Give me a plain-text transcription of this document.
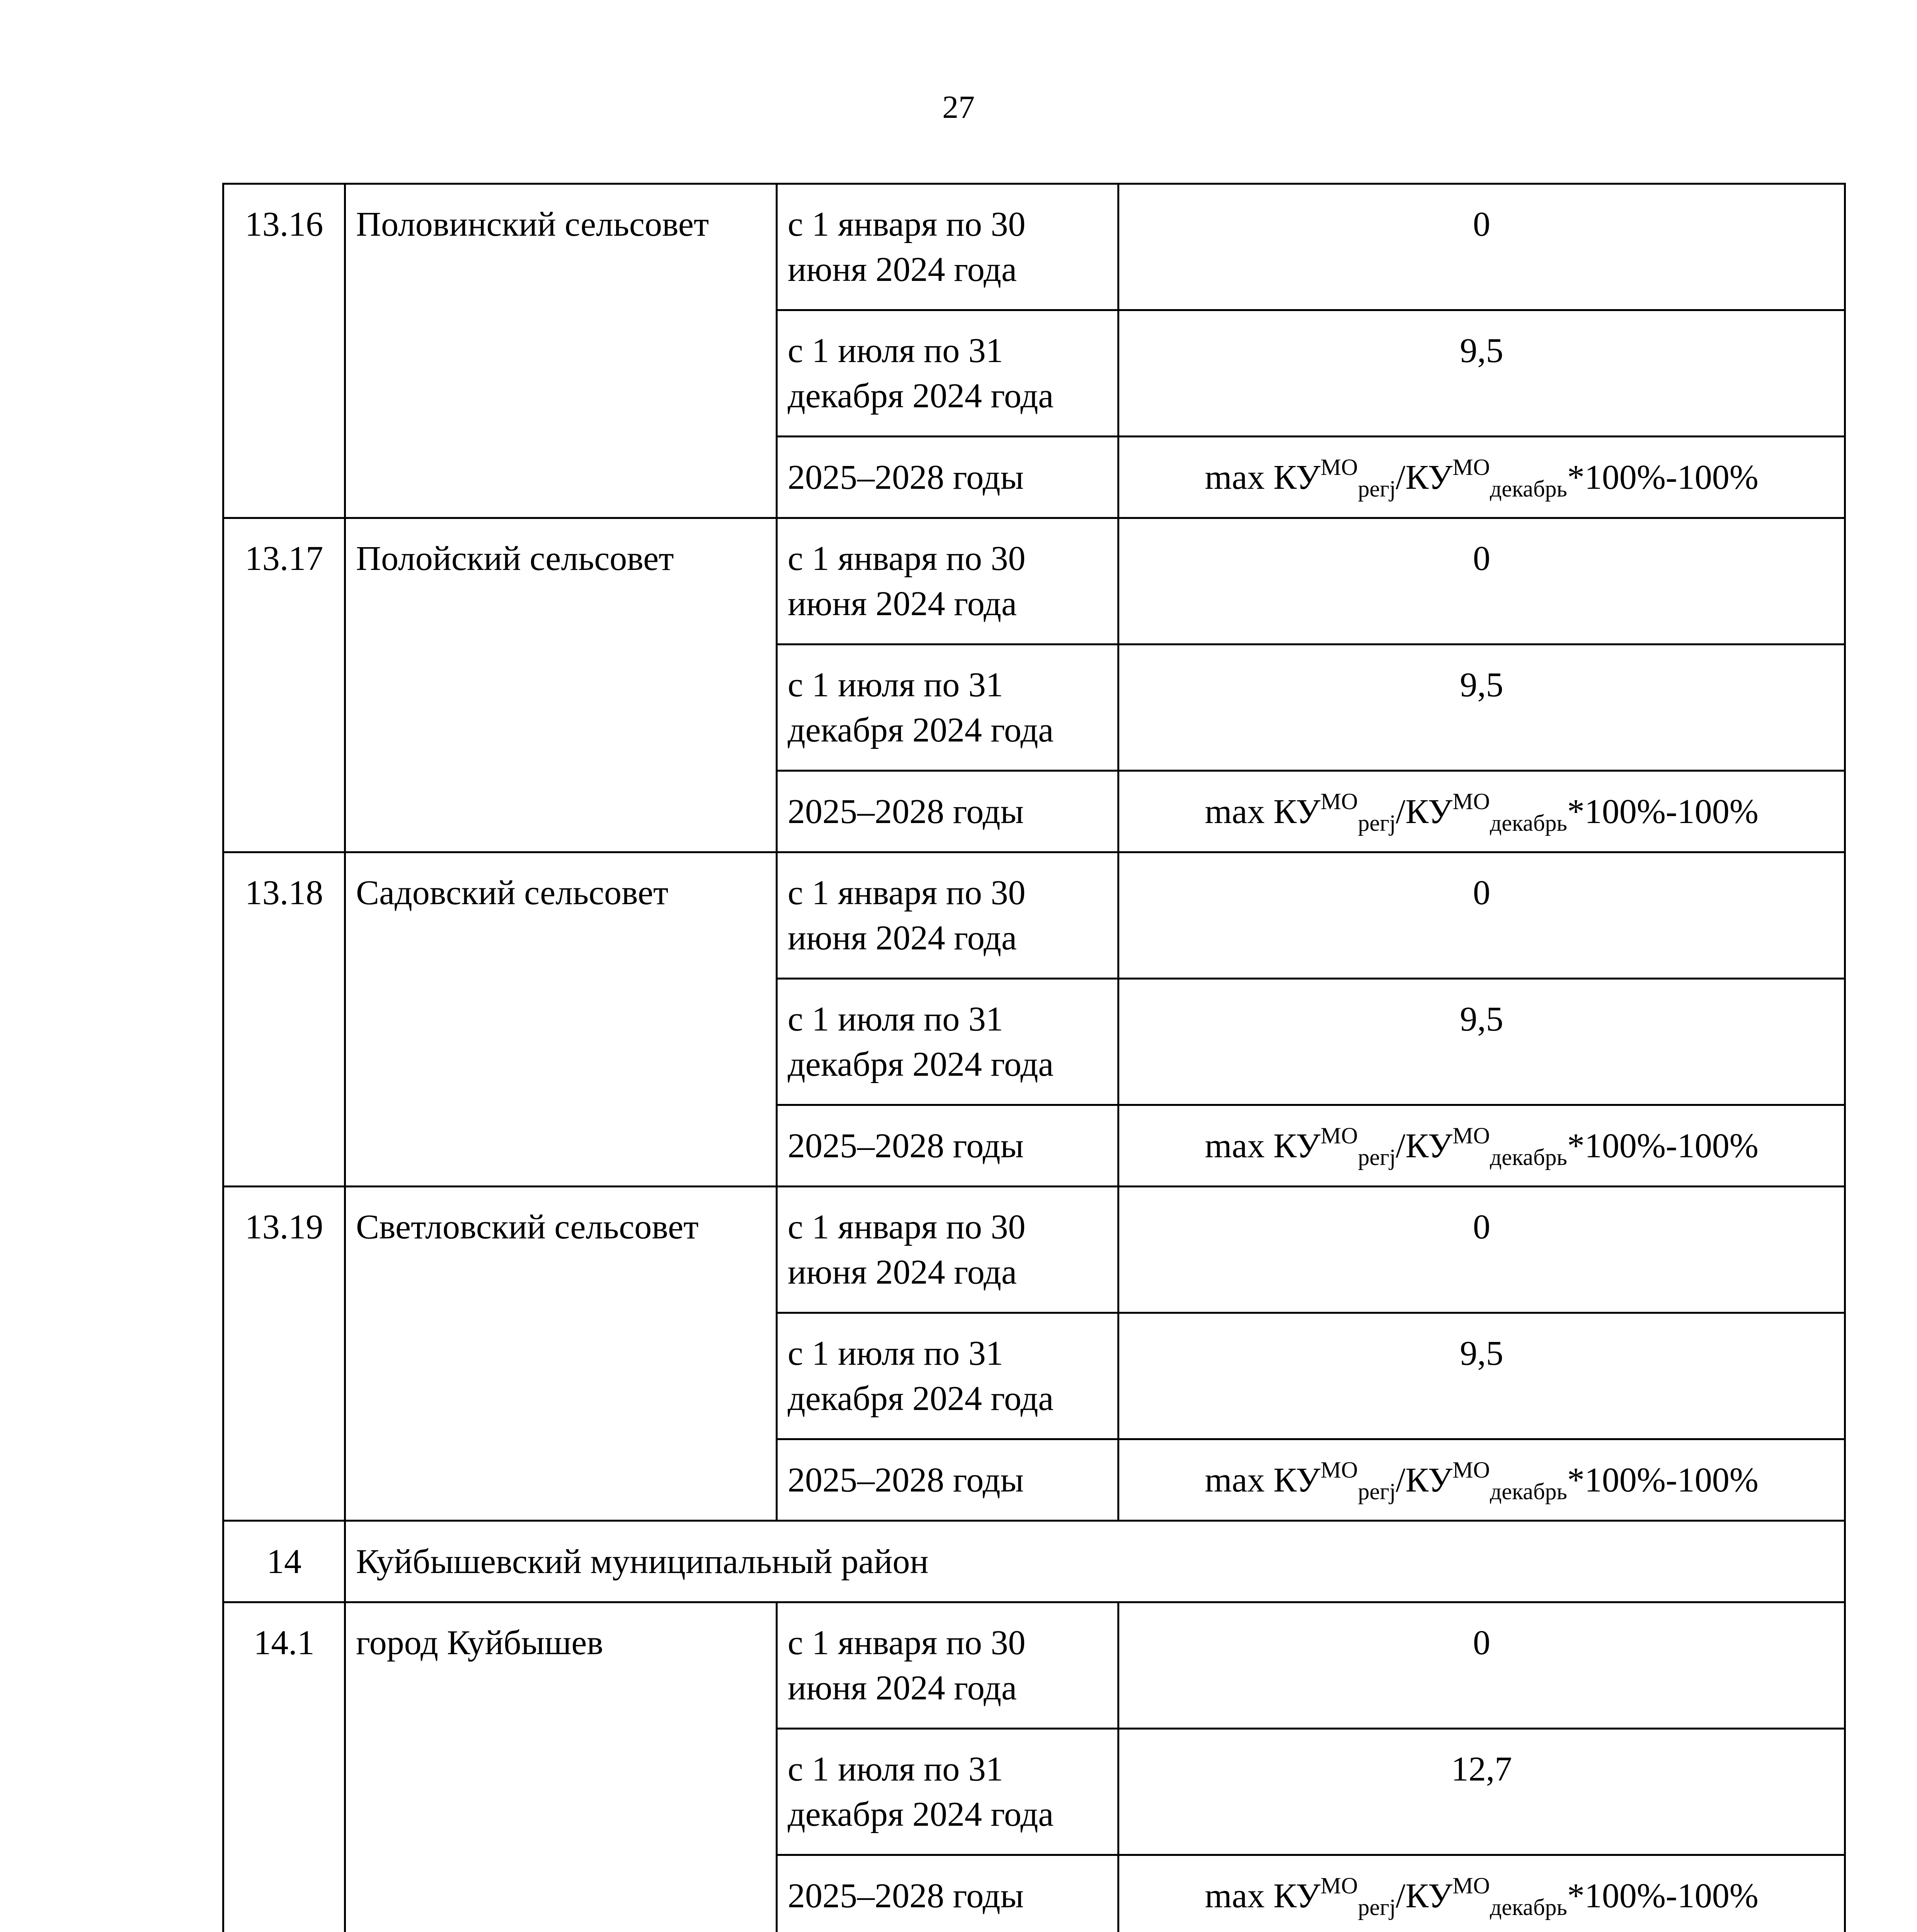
27
13.16	Половинский сельсовет	с 1 января по 30 июня 2024 года	0
		с 1 июля по 31 декабря 2024 года	9,5
		2025–2028 годы	$\max КУ^{МО}_{регj}/КУ^{МО}_{декабрь}*100\%-100\%$
13.17	Полойский сельсовет	с 1 января по 30 июня 2024 года	0
		с 1 июля по 31 декабря 2024 года	9,5
		2025–2028 годы	$\max КУ^{МО}_{регj}/КУ^{МО}_{декабрь}*100\%-100\%$
13.18	Садовский сельсовет	с 1 января по 30 июня 2024 года	0
		с 1 июля по 31 декабря 2024 года	9,5
		2025–2028 годы	$\max КУ^{МО}_{регj}/КУ^{МО}_{декабрь}*100\%-100\%$
13.19	Светловский сельсовет	с 1 января по 30 июня 2024 года	0
		с 1 июля по 31 декабря 2024 года	9,5
		2025–2028 годы	$\max КУ^{МО}_{регj}/КУ^{МО}_{декабрь}*100\%-100\%$
14	Куйбышевский муниципальный район		
14.1	город Куйбышев	с 1 января по 30 июня 2024 года	0
		с 1 июля по 31 декабря 2024 года	12,7
		2025–2028 годы	$\max КУ^{МО}_{регj}/КУ^{МО}_{декабрь}*100\%-100\%$
